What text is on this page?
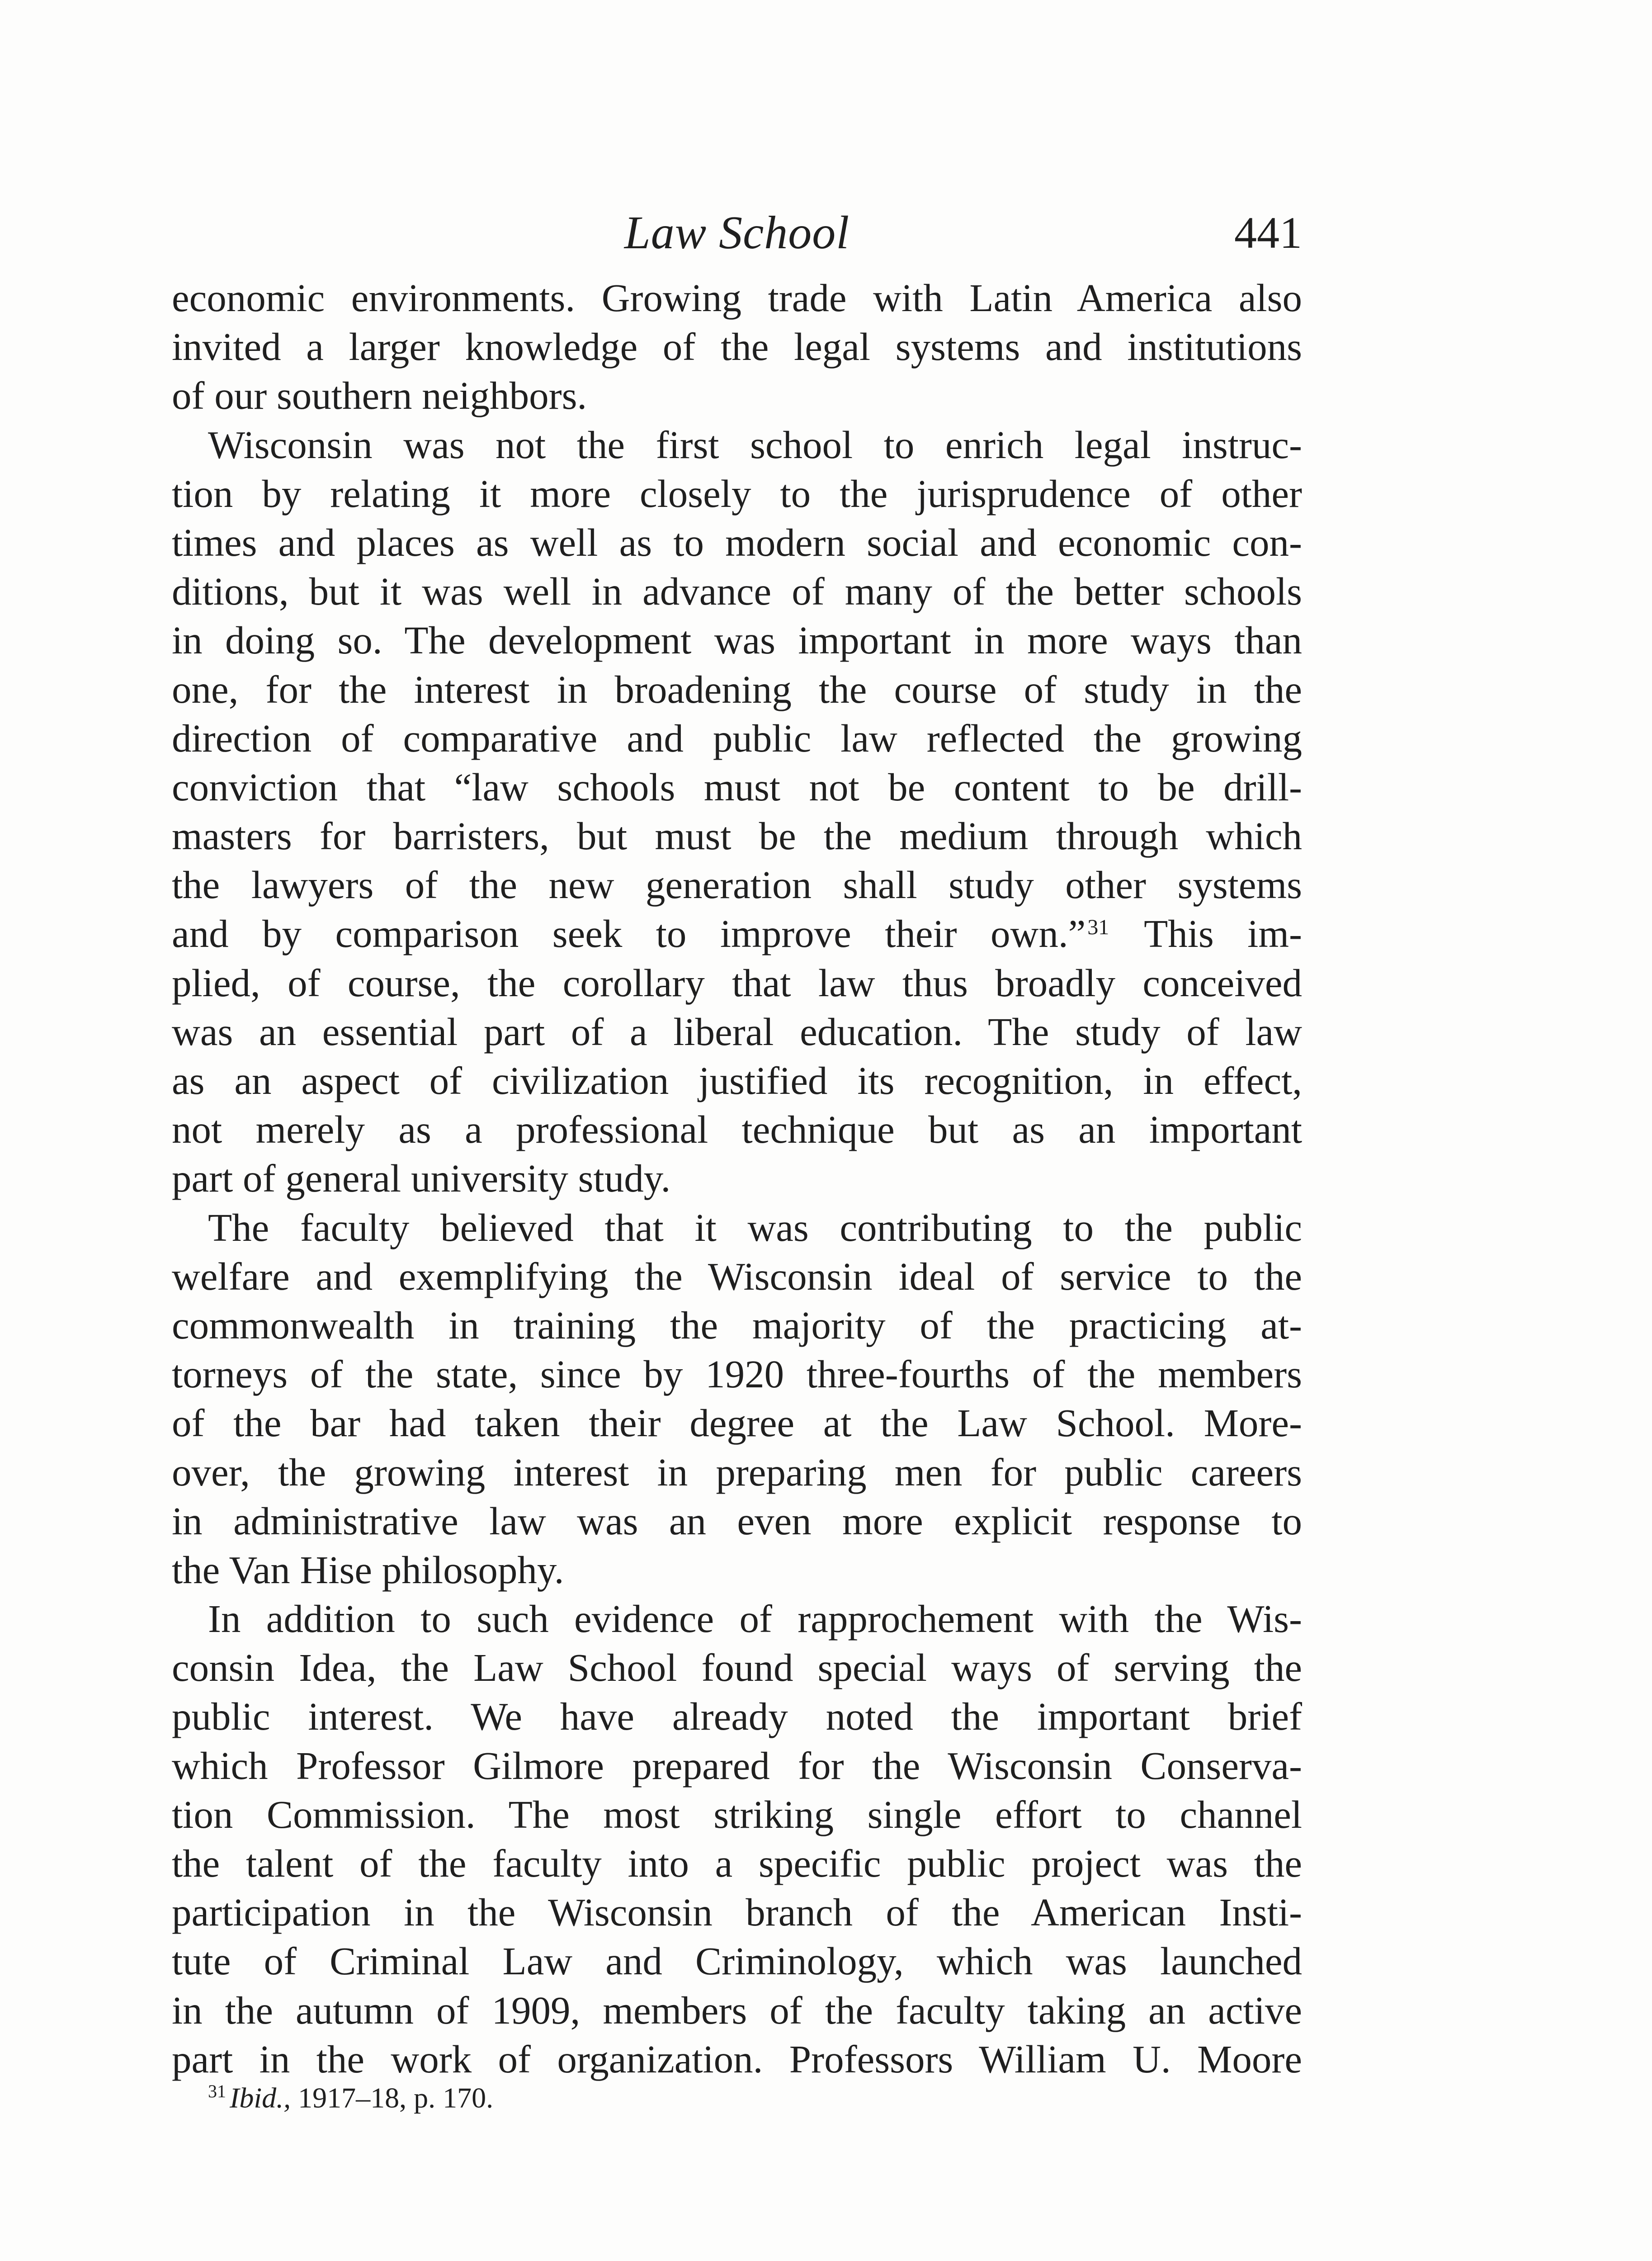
Law School	441
economic environments. Growing trade with Latin America also
invited a larger knowledge of the legal systems and institutions
of our southern neighbors.
Wisconsin was not the first school to enrich legal instruc-
tion by relating it more closely to the jurisprudence of other
times and places as well as to modern social and economic con-
ditions, but it was well in advance of many of the better schools
in doing so. The development was important in more ways than
one, for the interest in broadening the course of study in the
direction of comparative and public law reflected the growing
conviction that “law schools must not be content to be drill-
masters for barristers, but must be the medium through which
the lawyers of the new generation shall study other systems
and by comparison seek to improve their own.”$^{31}$ This im-
plied, of course, the corollary that law thus broadly conceived
was an essential part of a liberal education. The study of law
as an aspect of civilization justified its recognition, in effect,
not merely as a professional technique but as an important
part of general university study.
The faculty believed that it was contributing to the public
welfare and exemplifying the Wisconsin ideal of service to the
commonwealth in training the majority of the practicing at-
torneys of the state, since by 1920 three-fourths of the members
of the bar had taken their degree at the Law School. More-
over, the growing interest in preparing men for public careers
in administrative law was an even more explicit response to
the Van Hise philosophy.
In addition to such evidence of rapprochement with the Wis-
consin Idea, the Law School found special ways of serving the
public interest. We have already noted the important brief
which Professor Gilmore prepared for the Wisconsin Conserva-
tion Commission. The most striking single effort to channel
the talent of the faculty into a specific public project was the
participation in the Wisconsin branch of the American Insti-
tute of Criminal Law and Criminology, which was launched
in the autumn of 1909, members of the faculty taking an active
part in the work of organization. Professors William U. Moore
$^{31}$ Ibid., 1917–18, p. 170.
